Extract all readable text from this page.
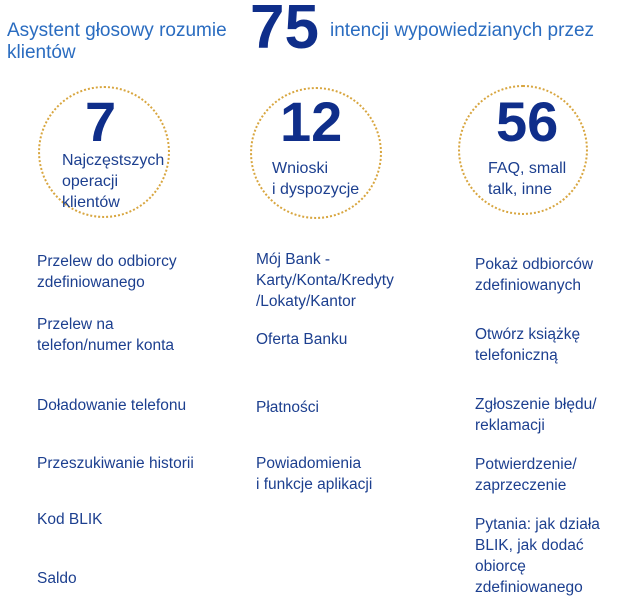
Asystent głosowy rozumie 75 intencji wypowiedzianych przez
klientów
7
Najczęstszych
operacji
klientów
12
Wnioski
i dyspozycje
56
FAQ, small
talk, inne
Przelew do odbiorcy
zdefiniowanego
Przelew na
telefon/numer konta
Doładowanie telefonu
Przeszukiwanie historii
Kod BLIK
Saldo
Mój Bank -
Karty/Konta/Kredyty
/Lokaty/Kantor
Oferta Banku
Płatności
Powiadomienia
i funkcje aplikacji
Pokaż odbiorców
zdefiniowanych
Otwórz książkę
telefoniczną
Zgłoszenie błędu/
reklamacji
Potwierdzenie/
zaprzeczenie
Pytania: jak działa
BLIK, jak dodać
obiorcę
zdefiniowanego
